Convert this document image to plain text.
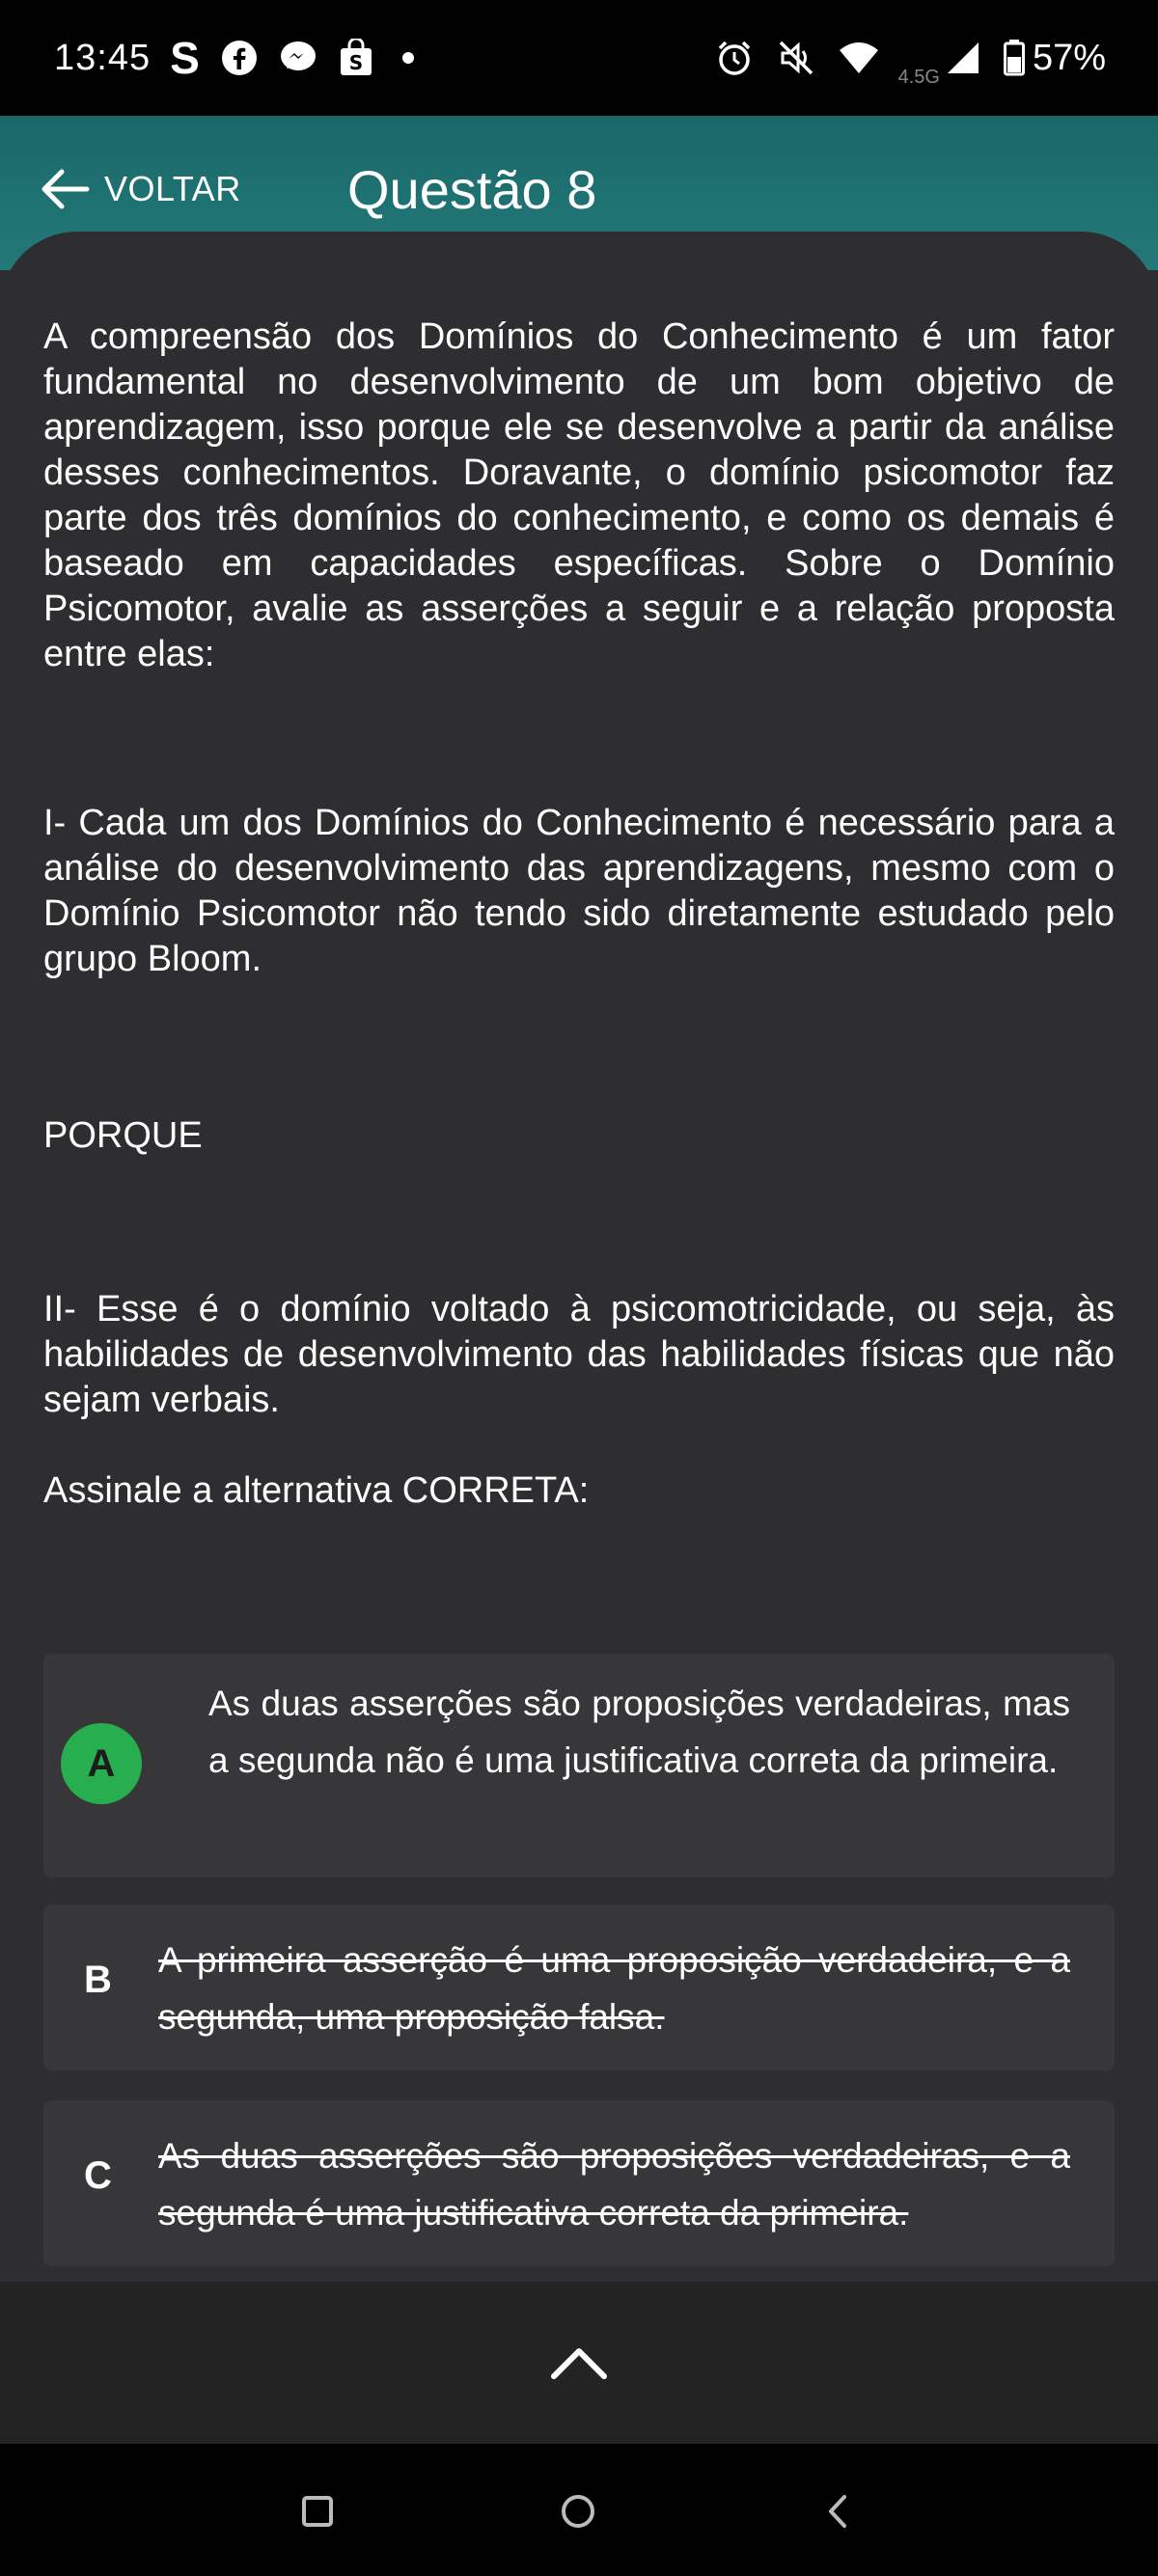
13:45 S	S
4.5G	57%
VOLTAR Questão 8

A compreensão dos Domínios do Conhecimento é um fator fundamental no desenvolvimento de um bom objetivo de aprendizagem, isso porque ele se desenvolve a partir da análise desses conhecimentos. Doravante, o domínio psicomotor faz parte dos três domínios do conhecimento, e como os demais é baseado em capacidades específicas. Sobre o Domínio Psicomotor, avalie as asserções a seguir e a relação proposta entre elas:

I- Cada um dos Domínios do Conhecimento é necessário para a análise do desenvolvimento das aprendizagens, mesmo com o Domínio Psicomotor não tendo sido diretamente estudado pelo grupo Bloom.

PORQUE

II- Esse é o domínio voltado à psicomotricidade, ou seja, às habilidades de desenvolvimento das habilidades físicas que não sejam verbais.

Assinale a alternativa CORRETA:

A
As duas asserções são proposições verdadeiras, mas a segunda não é uma justificativa correta da primeira.
B A primeira asserção é uma proposição verdadeira, e a segunda, uma proposição falsa.
C As duas asserções são proposições verdadeiras, e a segunda é uma justificativa correta da primeira.
